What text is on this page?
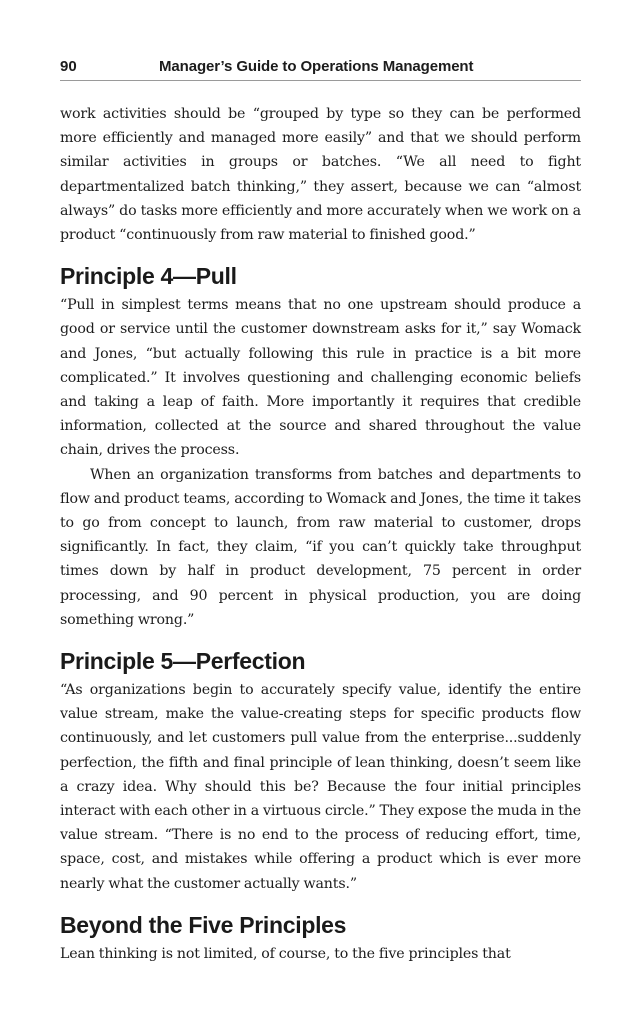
90	Manager’s Guide to Operations Management

work activities should be “grouped by type so they can be performed more efficiently and managed more easily” and that we should perform similar activities in groups or batches. “We all need to fight departmentalized batch thinking,” they assert, because we can “almost always” do tasks more efficiently and more accurately when we work on a product “continuously from raw material to finished good.”

Principle 4—Pull

“Pull in simplest terms means that no one upstream should produce a good or service until the customer downstream asks for it,” say Womack and Jones, “but actually following this rule in practice is a bit more complicated.” It involves questioning and challenging economic beliefs and taking a leap of faith. More importantly it requires that credible information, collected at the source and shared throughout the value chain, drives the process.

When an organization transforms from batches and departments to flow and product teams, according to Womack and Jones, the time it takes to go from concept to launch, from raw material to customer, drops significantly. In fact, they claim, “if you can’t quickly take throughput times down by half in product development, 75 percent in order processing, and 90 percent in physical production, you are doing something wrong.”

Principle 5—Perfection

“As organizations begin to accurately specify value, identify the entire value stream, make the value-creating steps for specific products flow continuously, and let customers pull value from the enterprise...suddenly perfection, the fifth and final principle of lean thinking, doesn’t seem like a crazy idea. Why should this be? Because the four initial principles interact with each other in a virtuous circle.” They expose the muda in the value stream. “There is no end to the process of reducing effort, time, space, cost, and mistakes while offering a product which is ever more nearly what the customer actually wants.”

Beyond the Five Principles

Lean thinking is not limited, of course, to the five principles that
